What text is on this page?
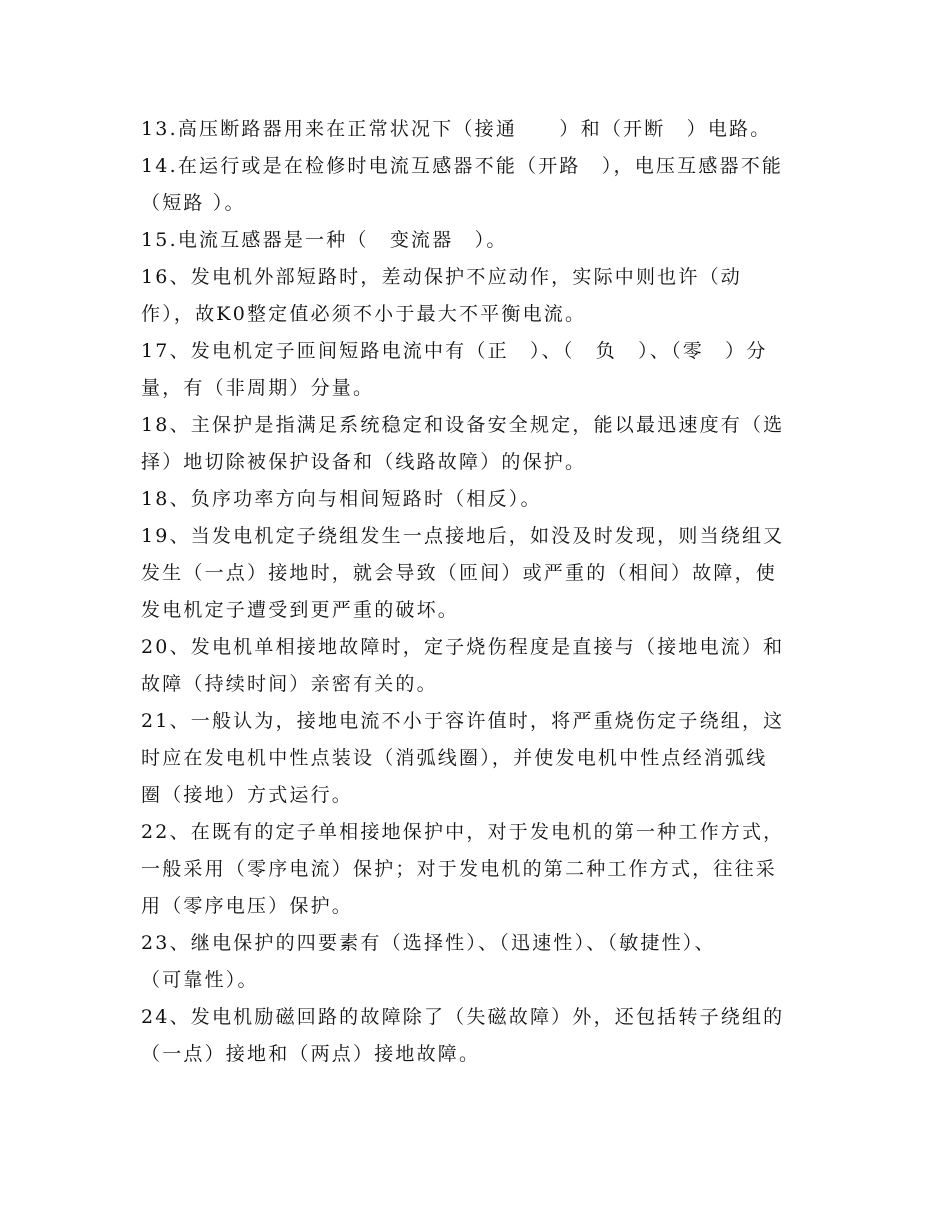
13.高压断路器用来在正常状况下（接通　　）和（开断　）电路。
14.在运行或是在检修时电流互感器不能（开路　），电压互感器不能
（短路 ）。
15.电流互感器是一种（　变流器　）。
16、发电机外部短路时，差动保护不应动作，实际中则也许（动
作），故K0整定值必须不小于最大不平衡电流。
17、发电机定子匝间短路电流中有（正　）、（　负　）、（零　）分
量，有（非周期）分量。
18、主保护是指满足系统稳定和设备安全规定，能以最迅速度有（选
择）地切除被保护设备和（线路故障）的保护。
18、负序功率方向与相间短路时（相反）。
19、当发电机定子绕组发生一点接地后，如没及时发现，则当绕组又
发生（一点）接地时，就会导致（匝间）或严重的（相间）故障，使
发电机定子遭受到更严重的破坏。
20、发电机单相接地故障时，定子烧伤程度是直接与（接地电流）和
故障（持续时间）亲密有关的。
21、一般认为，接地电流不小于容许值时，将严重烧伤定子绕组，这
时应在发电机中性点装设（消弧线圈），并使发电机中性点经消弧线
圈（接地）方式运行。
22、在既有的定子单相接地保护中，对于发电机的第一种工作方式，
一般采用（零序电流）保护；对于发电机的第二种工作方式，往往采
用（零序电压）保护。
23、继电保护的四要素有（选择性）、（迅速性）、（敏捷性）、
（可靠性）。
24、发电机励磁回路的故障除了（失磁故障）外，还包括转子绕组的
（一点）接地和（两点）接地故障。
